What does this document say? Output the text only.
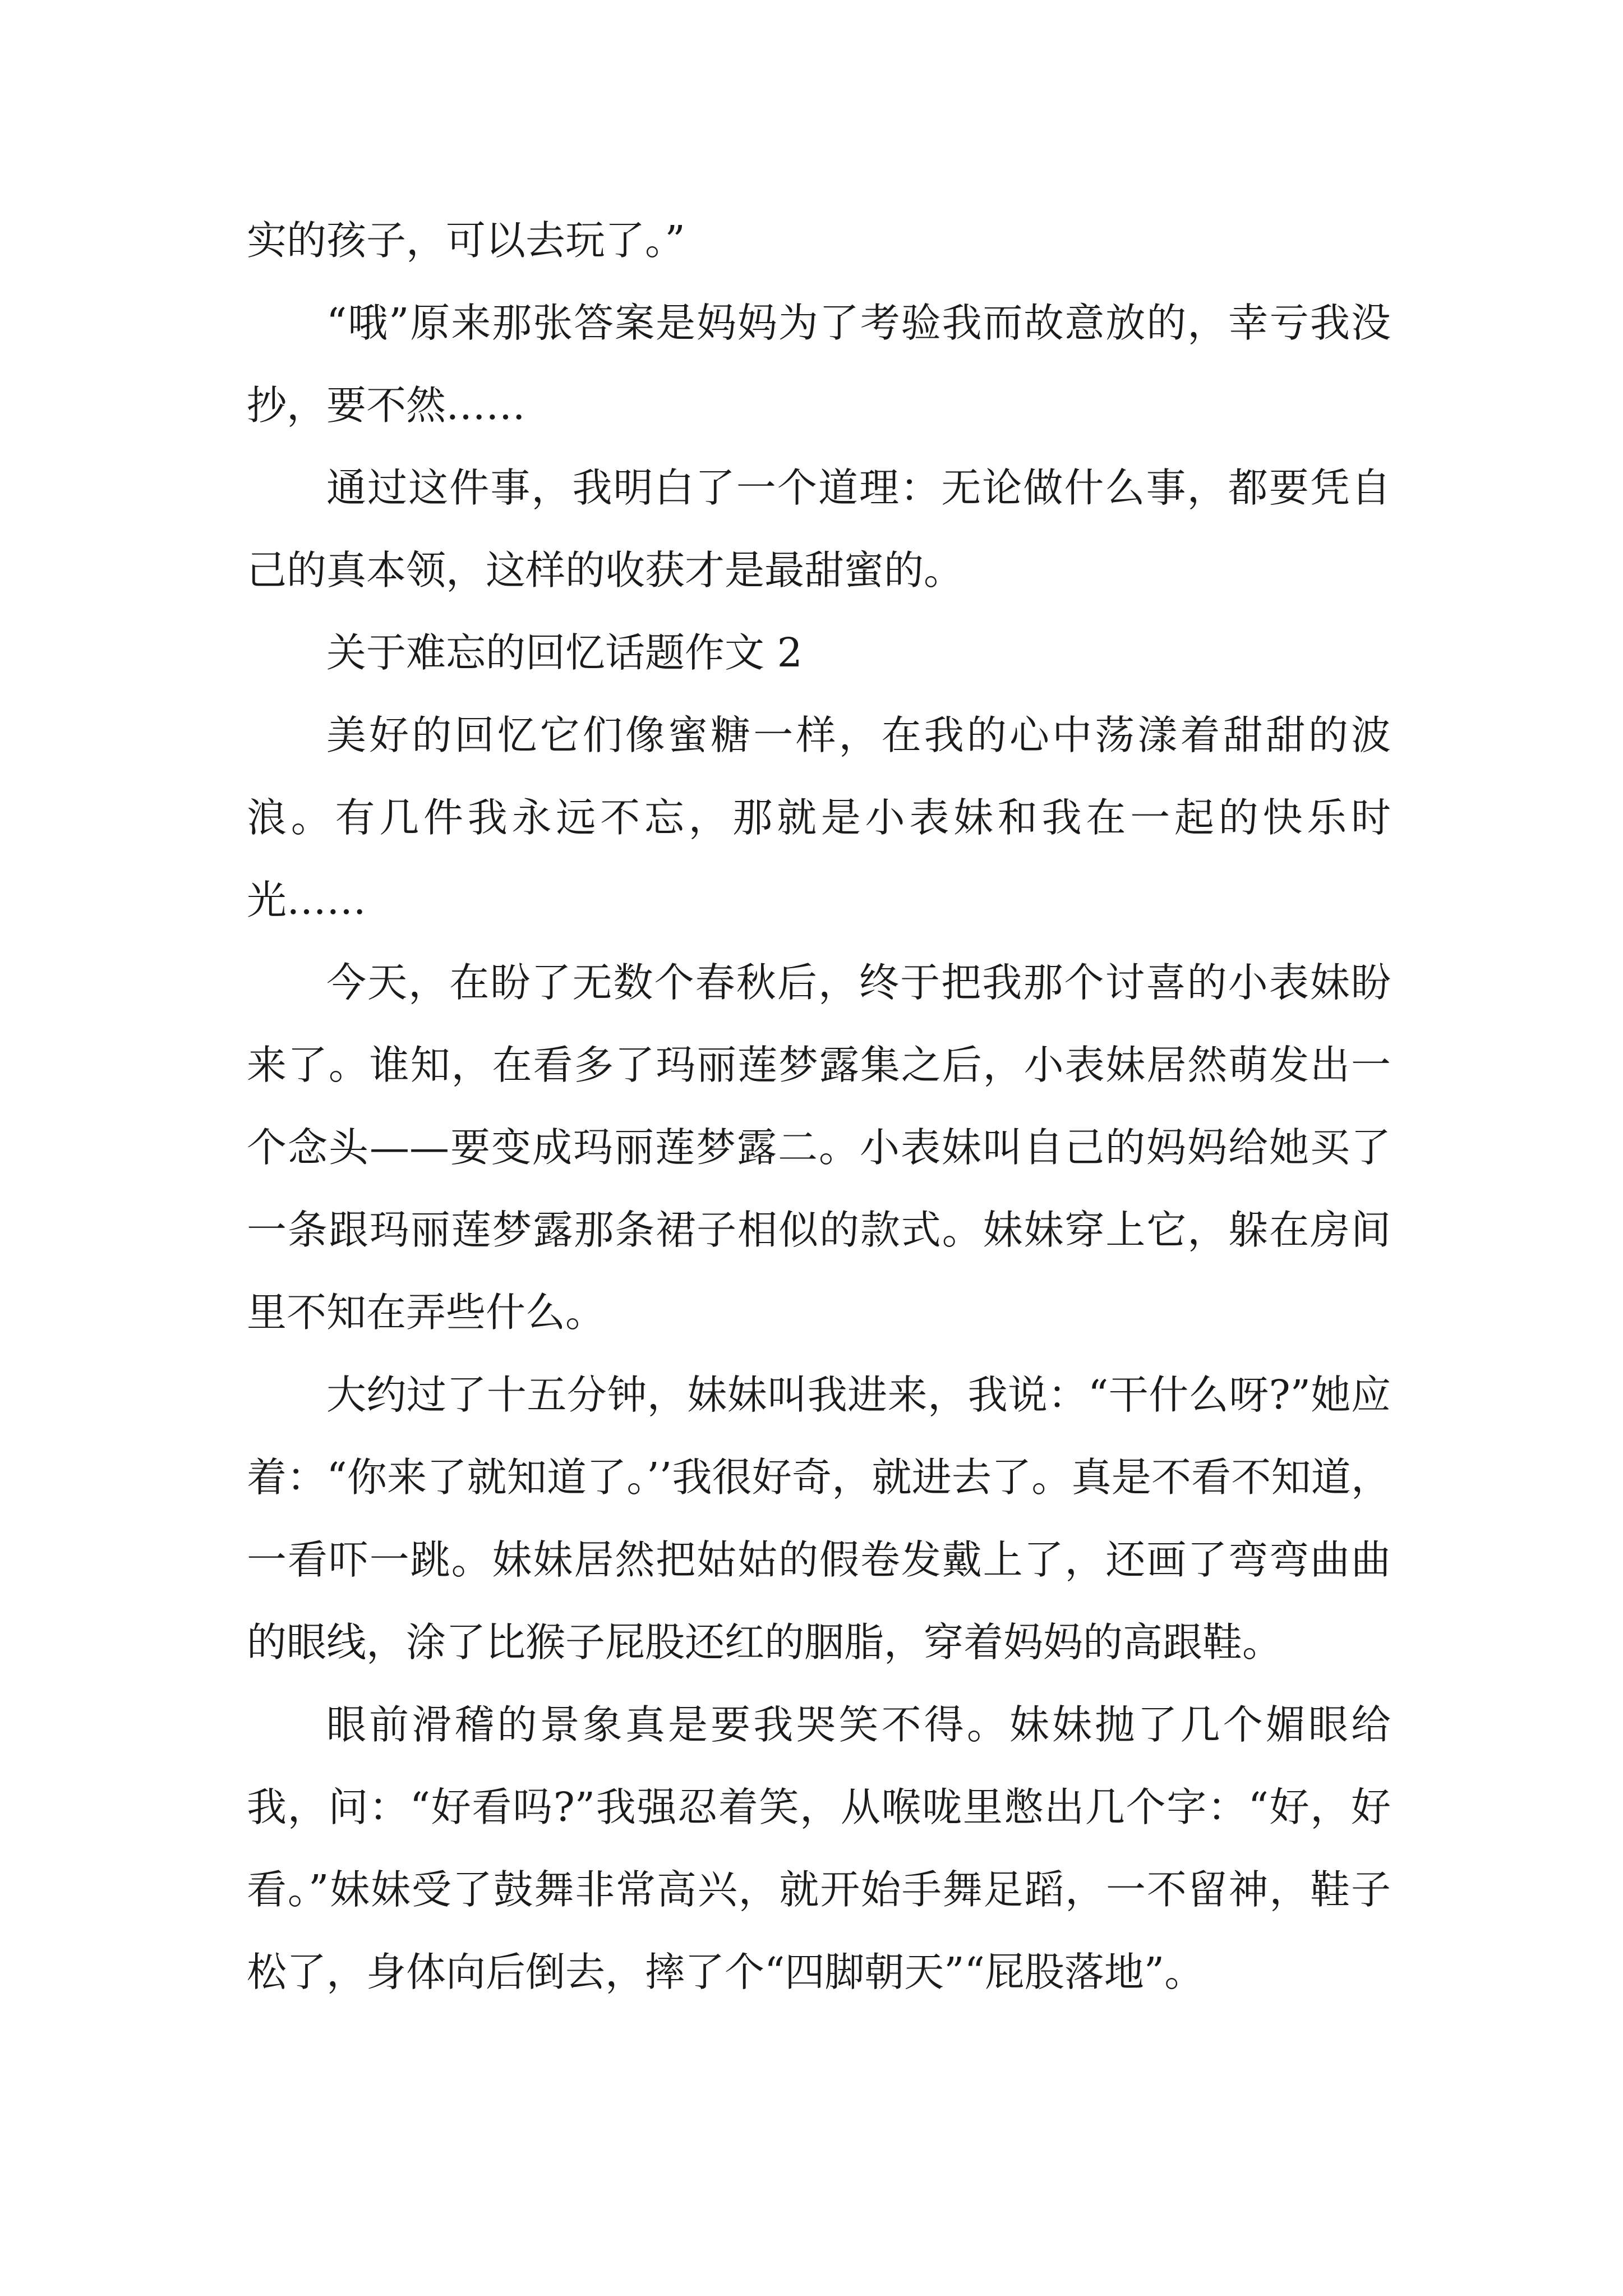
实的孩子，可以去玩了。”

“哦”原来那张答案是妈妈为了考验我而故意放的，幸亏我没抄，要不然……

通过这件事，我明白了一个道理：无论做什么事，都要凭自己的真本领，这样的收获才是最甜蜜的。

关于难忘的回忆话题作文 2

美好的回忆它们像蜜糖一样，在我的心中荡漾着甜甜的波浪。有几件我永远不忘，那就是小表妹和我在一起的快乐时光……

今天，在盼了无数个春秋后，终于把我那个讨喜的小表妹盼来了。谁知，在看多了玛丽莲梦露集之后，小表妹居然萌发出一个念头——要变成玛丽莲梦露二。小表妹叫自己的妈妈给她买了一条跟玛丽莲梦露那条裙子相似的款式。妹妹穿上它，躲在房间里不知在弄些什么。

大约过了十五分钟，妹妹叫我进来，我说：“干什么呀?”她应着：“你来了就知道了。’’我很好奇，就进去了。真是不看不知道，一看吓一跳。妹妹居然把姑姑的假卷发戴上了，还画了弯弯曲曲的眼线，涂了比猴子屁股还红的胭脂，穿着妈妈的高跟鞋。

眼前滑稽的景象真是要我哭笑不得。妹妹抛了几个媚眼给我，问：“好看吗?”我强忍着笑，从喉咙里憋出几个字：“好，好看。”妹妹受了鼓舞非常高兴，就开始手舞足蹈，一不留神，鞋子松了，身体向后倒去，摔了个“四脚朝天”“屁股落地”。
